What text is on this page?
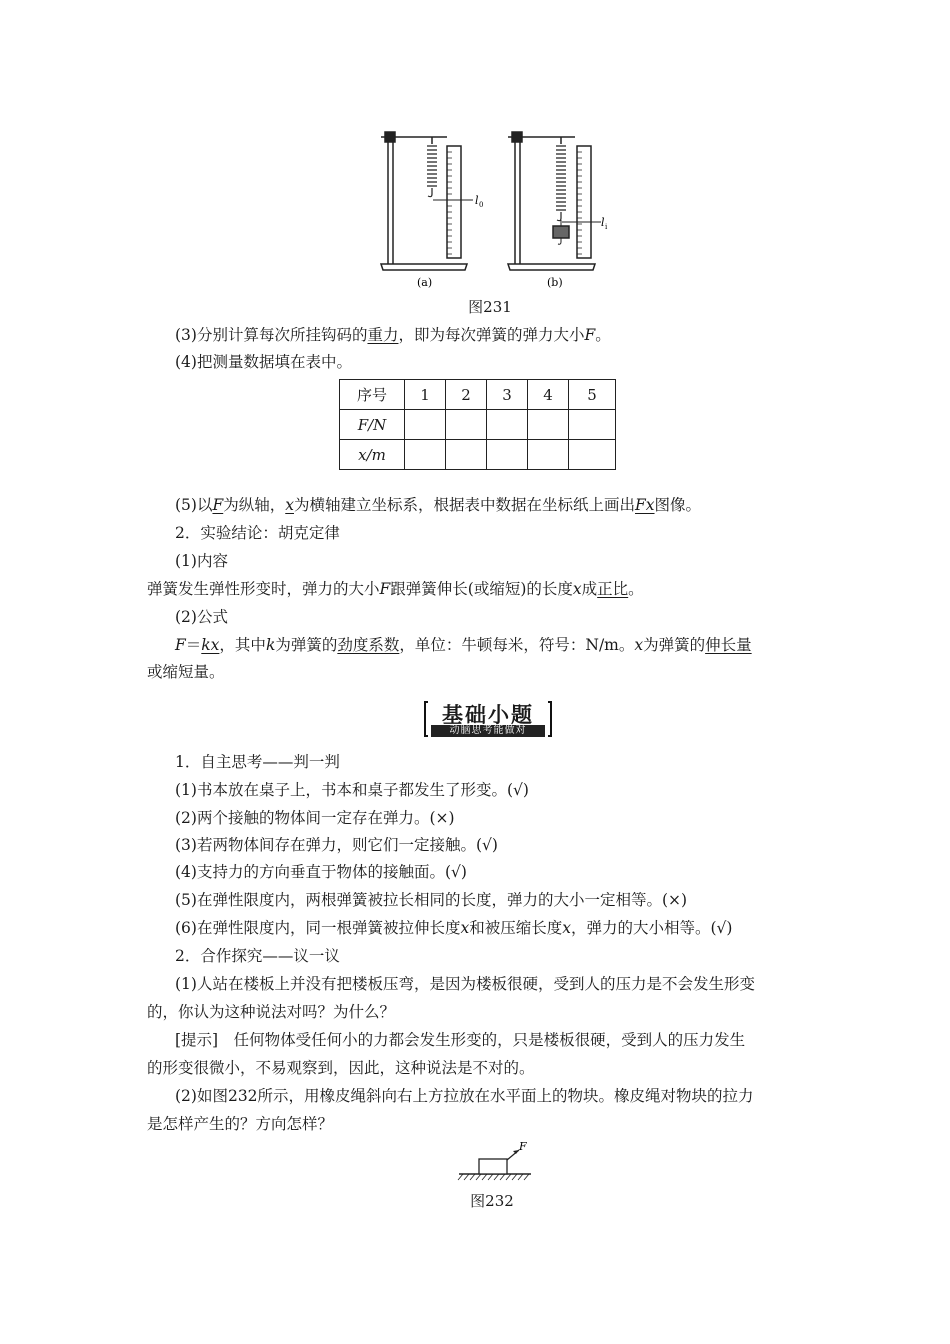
l 0
l i
(a)	(b)
图231
(3)分别计算每次所挂钩码的重力，即为每次弹簧的弹力大小F。
(4)把测量数据填在表中。
序号	1	2	3	4	5
F/N					
x/m					
(5)以F为纵轴，x为横轴建立坐标系，根据表中数据在坐标纸上画出Fx图像。
2．实验结论：胡克定律
(1)内容
弹簧发生弹性形变时，弹力的大小F跟弹簧伸长(或缩短)的长度x成正比。
(2)公式
F＝kx，其中k为弹簧的劲度系数，单位：牛顿每米，符号：N/m。x为弹簧的伸长量
或缩短量。
基础小题
动脑思考能做对
1．自主思考——判一判
(1)书本放在桌子上，书本和桌子都发生了形变。(√)
(2)两个接触的物体间一定存在弹力。(×)
(3)若两物体间存在弹力，则它们一定接触。(√)
(4)支持力的方向垂直于物体的接触面。(√)
(5)在弹性限度内，两根弹簧被拉长相同的长度，弹力的大小一定相等。(×)
(6)在弹性限度内，同一根弹簧被拉伸长度x和被压缩长度x，弹力的大小相等。(√)
2．合作探究——议一议
(1)人站在楼板上并没有把楼板压弯，是因为楼板很硬，受到人的压力是不会发生形变
的，你认为这种说法对吗？为什么？
[提示]　任何物体受任何小的力都会发生形变的，只是楼板很硬，受到人的压力发生
的形变很微小，不易观察到，因此，这种说法是不对的。
(2)如图232所示，用橡皮绳斜向右上方拉放在水平面上的物块。橡皮绳对物块的拉力
是怎样产生的？方向怎样？
F
图232
